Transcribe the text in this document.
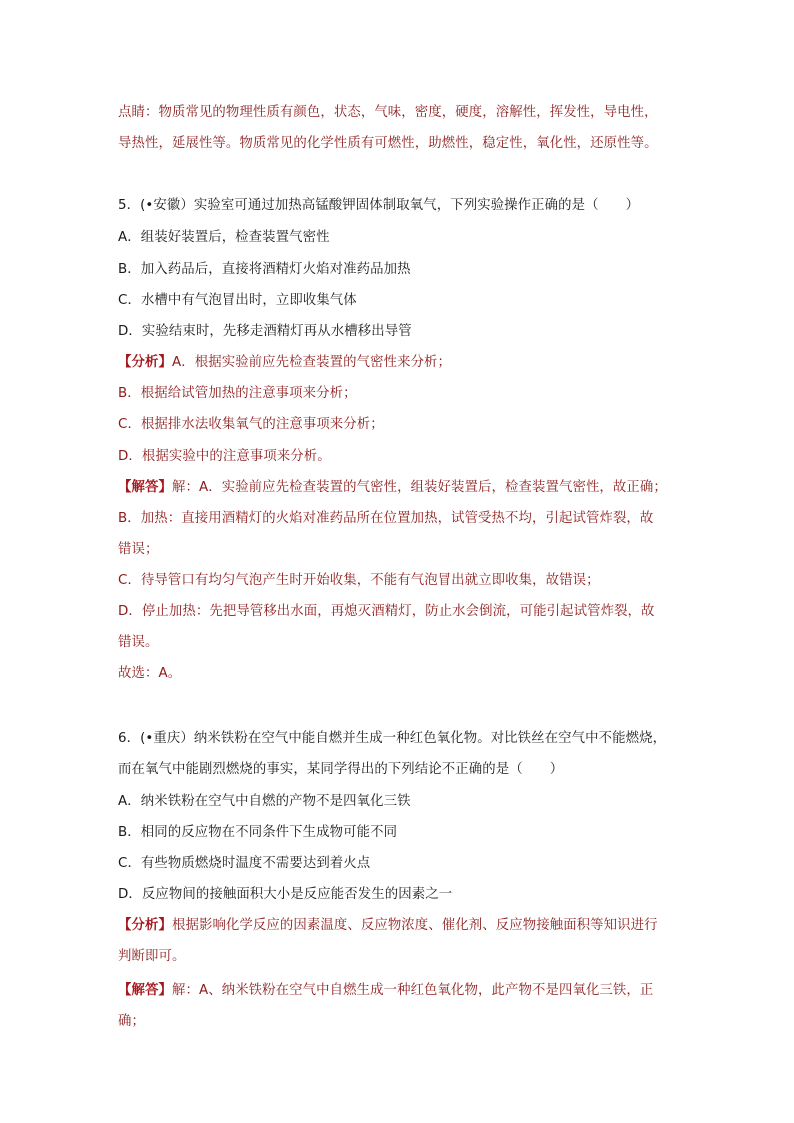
点睛：物质常见的物理性质有颜色，状态，气味，密度，硬度，溶解性，挥发性，导电性，
导热性，延展性等。物质常见的化学性质有可燃性，助燃性，稳定性，氧化性，还原性等。
5．(•安徽）实验室可通过加热高锰酸钾固体制取氧气，下列实验操作正确的是（　　）
A．组装好装置后，检查装置气密性
B．加入药品后，直接将酒精灯火焰对准药品加热
C．水槽中有气泡冒出时，立即收集气体
D．实验结束时，先移走酒精灯再从水槽移出导管
【分析】A．根据实验前应先检查装置的气密性来分析；
B．根据给试管加热的注意事项来分析；
C．根据排水法收集氧气的注意事项来分析；
D．根据实验中的注意事项来分析。
【解答】解：A．实验前应先检查装置的气密性，组装好装置后，检查装置气密性，故正确；
B．加热：直接用酒精灯的火焰对准药品所在位置加热，试管受热不均，引起试管炸裂，故
错误；
C．待导管口有均匀气泡产生时开始收集，不能有气泡冒出就立即收集，故错误；
D．停止加热：先把导管移出水面，再熄灭酒精灯，防止水会倒流，可能引起试管炸裂，故
错误。
故选：A。
6．(•重庆）纳米铁粉在空气中能自燃并生成一种红色氧化物。对比铁丝在空气中不能燃烧，
而在氧气中能剧烈燃烧的事实，某同学得出的下列结论不正确的是（　　）
A．纳米铁粉在空气中自燃的产物不是四氧化三铁
B．相同的反应物在不同条件下生成物可能不同
C．有些物质燃烧时温度不需要达到着火点
D．反应物间的接触面积大小是反应能否发生的因素之一
【分析】根据影响化学反应的因素温度、反应物浓度、催化剂、反应物接触面积等知识进行
判断即可。
【解答】解：A、纳米铁粉在空气中自燃生成一种红色氧化物，此产物不是四氧化三铁，正
确；
